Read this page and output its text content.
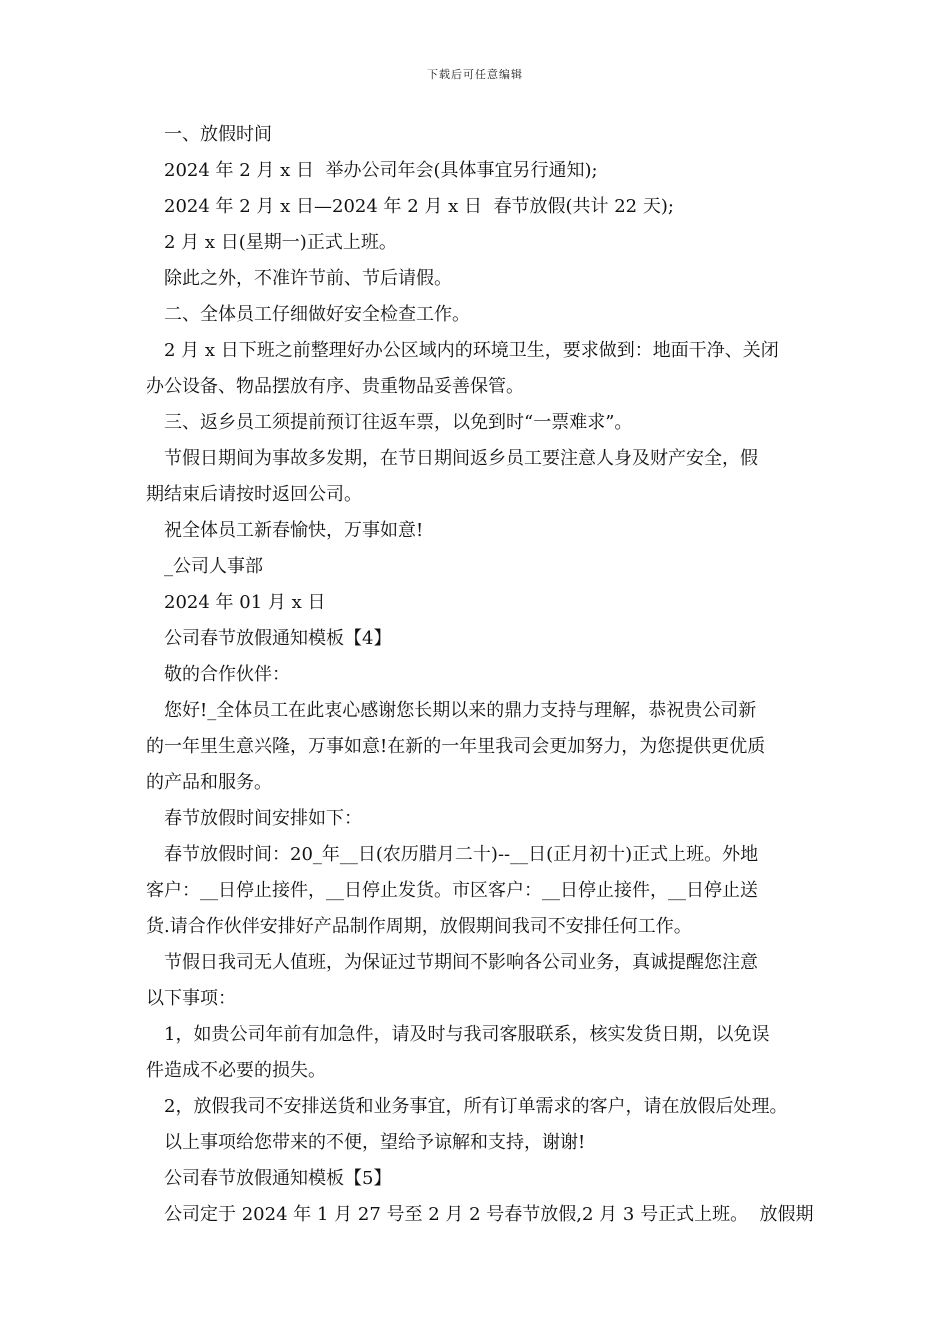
下载后可任意编辑
一、放假时间
2024 年 2 月 x 日  举办公司年会(具体事宜另行通知);
2024 年 2 月 x 日—2024 年 2 月 x 日  春节放假(共计 22 天);
2 月 x 日(星期一)正式上班。
除此之外，不准许节前、节后请假。
二、全体员工仔细做好安全检查工作。
2 月 x 日下班之前整理好办公区域内的环境卫生，要求做到：地面干净、关闭
办公设备、物品摆放有序、贵重物品妥善保管。
三、返乡员工须提前预订往返车票，以免到时“一票难求”。
节假日期间为事故多发期，在节日期间返乡员工要注意人身及财产安全，假
期结束后请按时返回公司。
祝全体员工新春愉快，万事如意!
_公司人事部
2024 年 01 月 x 日
公司春节放假通知模板【4】
敬的合作伙伴：
您好!_全体员工在此衷心感谢您长期以来的鼎力支持与理解，恭祝贵公司新
的一年里生意兴隆，万事如意!在新的一年里我司会更加努力，为您提供更优质
的产品和服务。
春节放假时间安排如下：
春节放假时间：20_年__日(农历腊月二十)--__日(正月初十)正式上班。外地
客户：__日停止接件，__日停止发货。市区客户：__日停止接件，__日停止送
货.请合作伙伴安排好产品制作周期，放假期间我司不安排任何工作。
节假日我司无人值班，为保证过节期间不影响各公司业务，真诚提醒您注意
以下事项：
1，如贵公司年前有加急件，请及时与我司客服联系，核实发货日期，以免误
件造成不必要的损失。
2，放假我司不安排送货和业务事宜，所有订单需求的客户，请在放假后处理。
以上事项给您带来的不便，望给予谅解和支持，谢谢!
公司春节放假通知模板【5】
公司定于 2024 年 1 月 27 号至 2 月 2 号春节放假,2 月 3 号正式上班。  放假期
